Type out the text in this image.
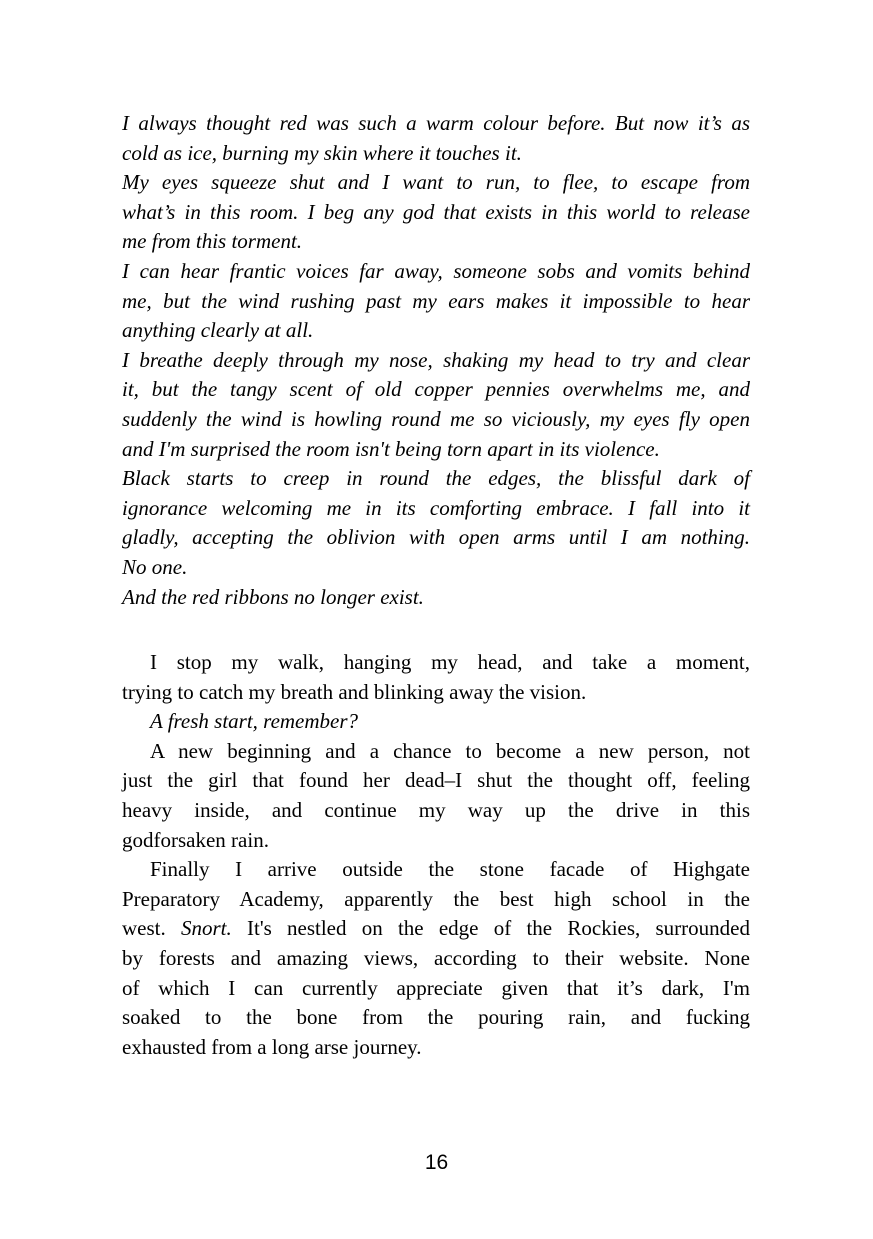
I always thought red was such a warm colour before. But now it’s as
cold as ice, burning my skin where it touches it.
My eyes squeeze shut and I want to run, to flee, to escape from
what’s in this room. I beg any god that exists in this world to release
me from this torment.
I can hear frantic voices far away, someone sobs and vomits behind
me, but the wind rushing past my ears makes it impossible to hear
anything clearly at all.
I breathe deeply through my nose, shaking my head to try and clear
it, but the tangy scent of old copper pennies overwhelms me, and
suddenly the wind is howling round me so viciously, my eyes fly open
and I'm surprised the room isn't being torn apart in its violence.
Black starts to creep in round the edges, the blissful dark of
ignorance welcoming me in its comforting embrace. I fall into it
gladly, accepting the oblivion with open arms until I am nothing.
No one.
And the red ribbons no longer exist.
I stop my walk, hanging my head, and take a moment,
trying to catch my breath and blinking away the vision.
A fresh start, remember?
A new beginning and a chance to become a new person, not
just the girl that found her dead–I shut the thought off, feeling
heavy inside, and continue my way up the drive in this
godforsaken rain.
Finally I arrive outside the stone facade of Highgate
Preparatory Academy, apparently the best high school in the
west. Snort. It's nestled on the edge of the Rockies, surrounded
by forests and amazing views, according to their website. None
of which I can currently appreciate given that it’s dark, I'm
soaked to the bone from the pouring rain, and fucking
exhausted from a long arse journey.
16
